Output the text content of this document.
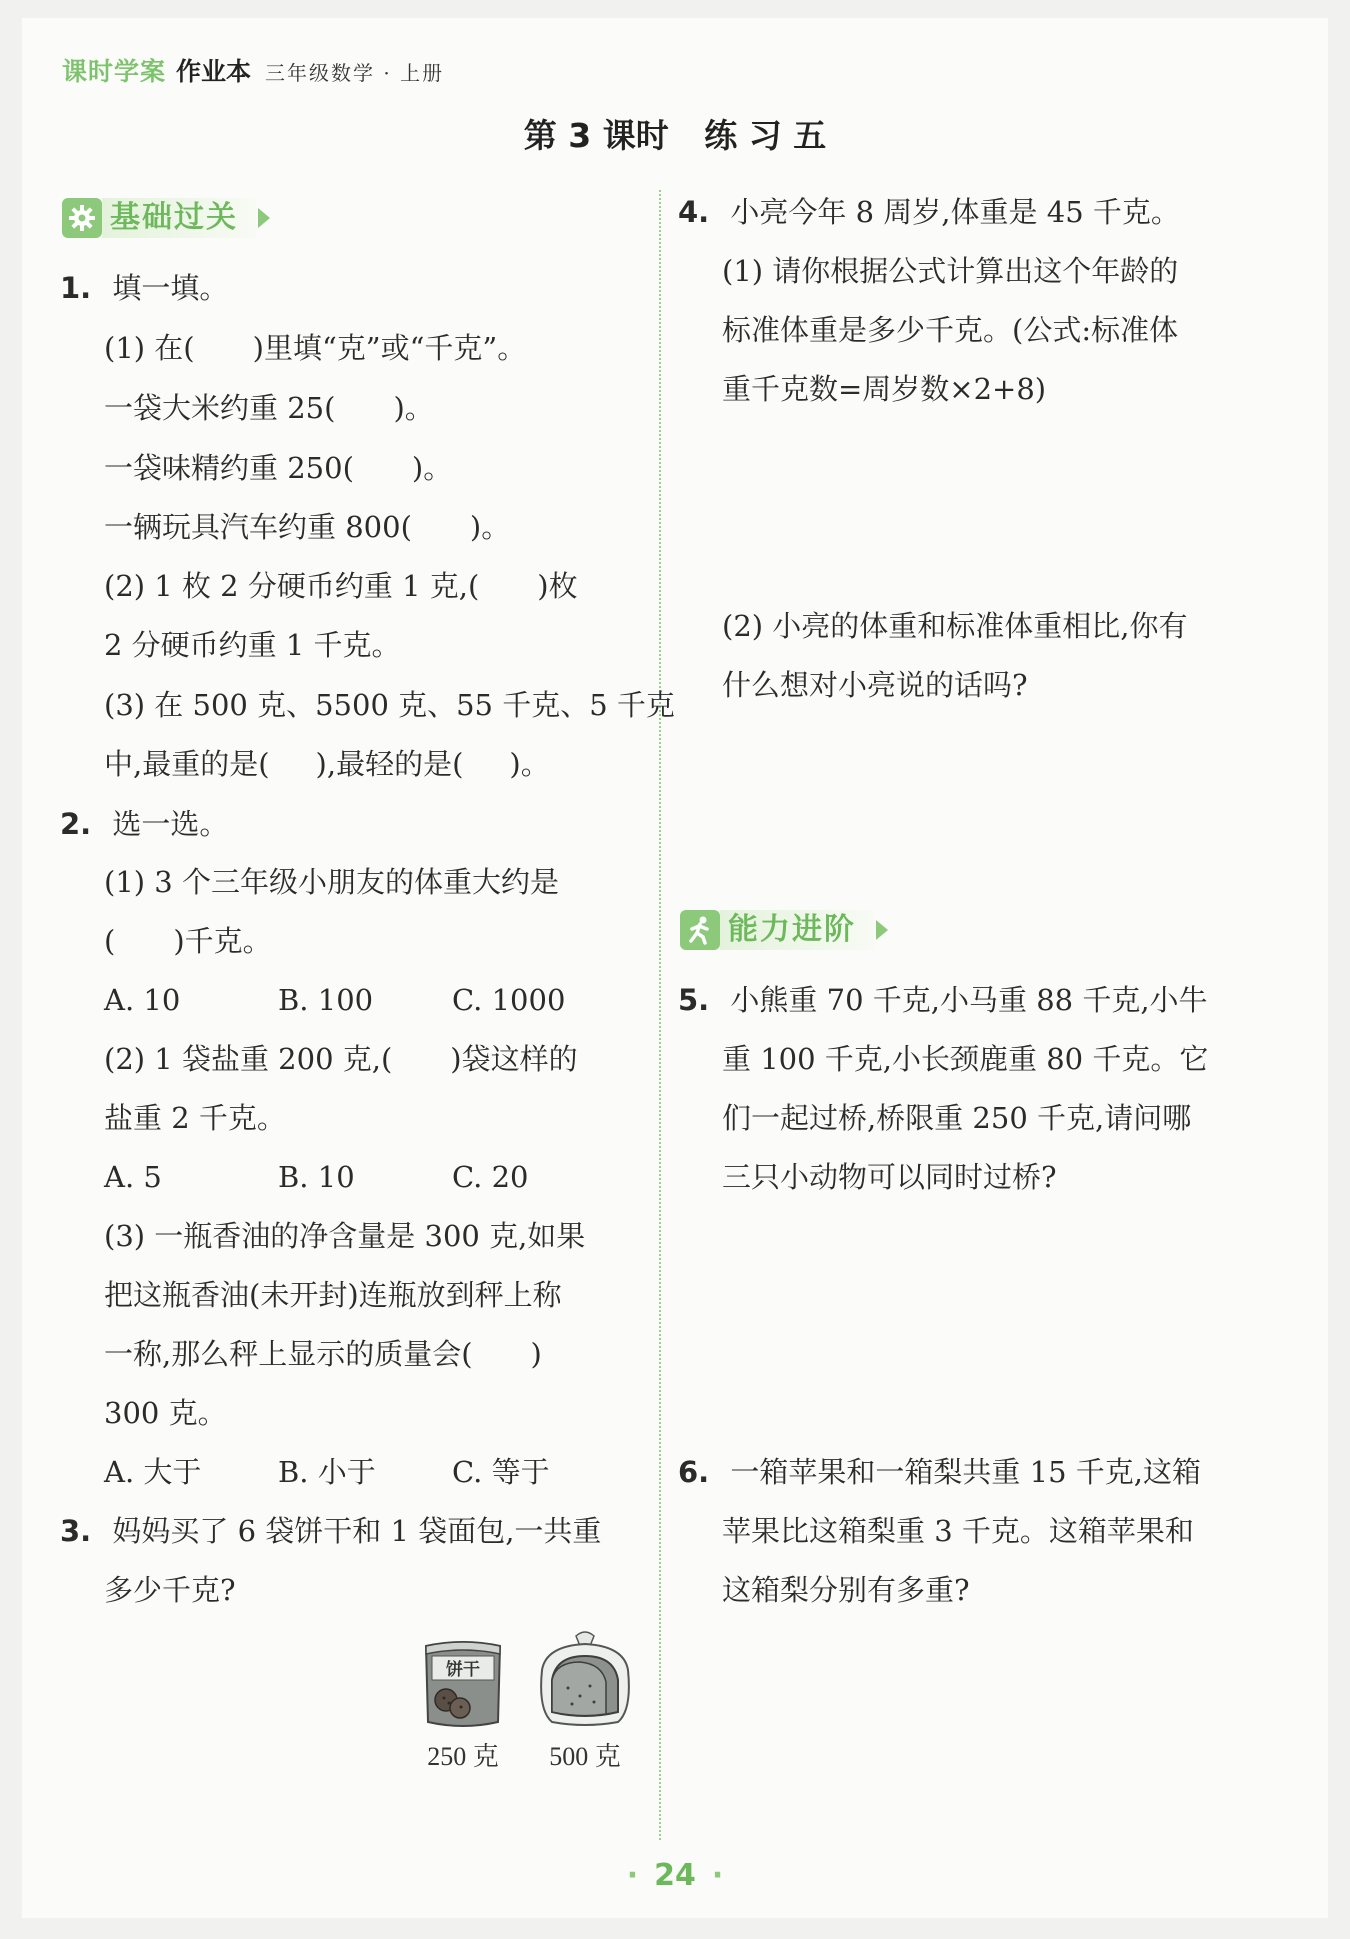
课时学案 作业本 三年级数学 · 上册
第 3 课时 练 习 五
基础过关
能力进阶
1. 填一填。
(1) 在( )里填“克”或“千克”。
一袋大米约重 25( )。
一袋味精约重 250( )。
一辆玩具汽车约重 800( )。
(2) 1 枚 2 分硬币约重 1 克,( )枚
2 分硬币约重 1 千克。
(3) 在 500 克、5500 克、55 千克、5 千克
中,最重的是( ),最轻的是( )。
2. 选一选。
(1) 3 个三年级小朋友的体重大约是
( )千克。
A. 10	B. 100	C. 1000
(2) 1 袋盐重 200 克,( )袋这样的
盐重 2 千克。
A. 5	B. 10	C. 20
(3) 一瓶香油的净含量是 300 克,如果
把这瓶香油(未开封)连瓶放到秤上称
一称,那么秤上显示的质量会( )
300 克。
A. 大于	B. 小于	C. 等于
3. 妈妈买了 6 袋饼干和 1 袋面包,一共重
多少千克?
饼干
250 克	500 克
4. 小亮今年 8 周岁,体重是 45 千克。
(1) 请你根据公式计算出这个年龄的
标准体重是多少千克。(公式:标准体
重千克数=周岁数×2+8)
(2) 小亮的体重和标准体重相比,你有
什么想对小亮说的话吗?
5. 小熊重 70 千克,小马重 88 千克,小牛
重 100 千克,小长颈鹿重 80 千克。它
们一起过桥,桥限重 250 千克,请问哪
三只小动物可以同时过桥?
6. 一箱苹果和一箱梨共重 15 千克,这箱
苹果比这箱梨重 3 千克。这箱苹果和
这箱梨分别有多重?
· 24 ·
